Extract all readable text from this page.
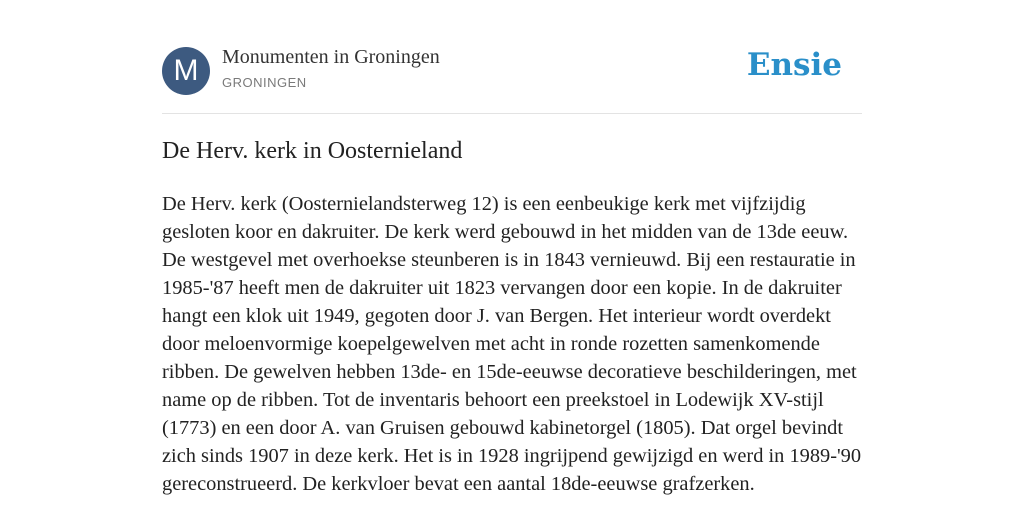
M	Monumenten in Groningen
GRONINGEN	Ensie
De Herv. kerk in Oosternieland

De Herv. kerk (Oosternielandsterweg 12) is een eenbeukige kerk met vijfzijdig gesloten koor en dakruiter. De kerk werd gebouwd in het midden van de 13de eeuw. De westgevel met overhoekse steunberen is in 1843 vernieuwd. Bij een restauratie in 1985-'87 heeft men de dakruiter uit 1823 vervangen door een kopie. In de dakruiter hangt een klok uit 1949, gegoten door J. van Bergen. Het interieur wordt overdekt door meloenvormige koepelgewelven met acht in ronde rozetten samenkomende ribben. De gewelven hebben 13de- en 15de-eeuwse decoratieve beschilderingen, met name op de ribben. Tot de inventaris behoort een preekstoel in Lodewijk XV-stijl (1773) en een door A. van Gruisen gebouwd kabinetorgel (1805). Dat orgel bevindt zich sinds 1907 in deze kerk. Het is in 1928 ingrijpend gewijzigd en werd in 1989-'90 gereconstrueerd. De kerkvloer bevat een aantal 18de-eeuwse grafzerken.
